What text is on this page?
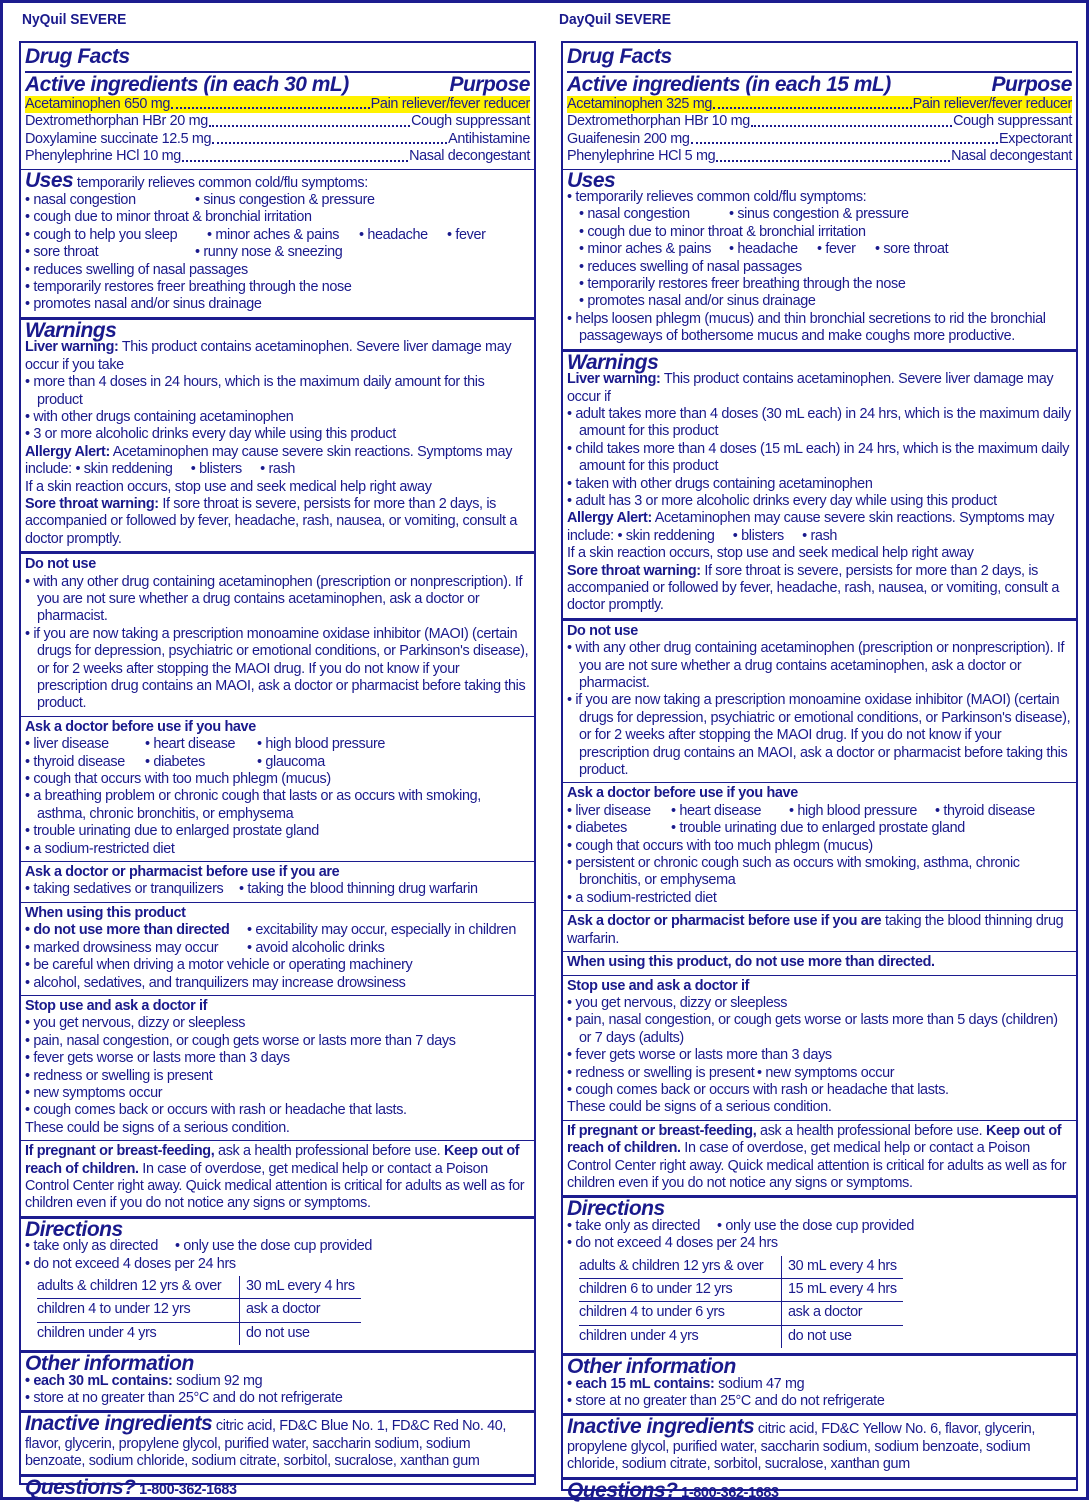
NyQuil SEVERE
Drug Facts
Active ingredients (in each 30 mL)	Purpose
Acetaminophen 650 mg	Pain reliever/fever reducer
Dextromethorphan HBr 20 mg	Cough suppressant
Doxylamine succinate 12.5 mg	Antihistamine
Phenylephrine HCl 10 mg	Nasal decongestant
Uses temporarily relieves common cold/flu symptoms:
• nasal congestion	• sinus congestion & pressure
• cough due to minor throat & bronchial irritation
• cough to help you sleep • minor aches & pains • headache • fever
• sore throat	• runny nose & sneezing
• reduces swelling of nasal passages
• temporarily restores freer breathing through the nose
• promotes nasal and/or sinus drainage
Warnings
Liver warning: This product contains acetaminophen. Severe liver damage may occur if you take
• more than 4 doses in 24 hours, which is the maximum daily amount for this product
• with other drugs containing acetaminophen
• 3 or more alcoholic drinks every day while using this product
Allergy Alert: Acetaminophen may cause severe skin reactions. Symptoms may include: • skin reddening • blisters • rash
If a skin reaction occurs, stop use and seek medical help right away
Sore throat warning: If sore throat is severe, persists for more than 2 days, is accompanied or followed by fever, headache, rash, nausea, or vomiting, consult a doctor promptly.
Do not use
• with any other drug containing acetaminophen (prescription or nonprescription). If you are not sure whether a drug contains acetaminophen, ask a doctor or pharmacist.
• if you are now taking a prescription monoamine oxidase inhibitor (MAOI) (certain drugs for depression, psychiatric or emotional conditions, or Parkinson's disease), or for 2 weeks after stopping the MAOI drug. If you do not know if your prescription drug contains an MAOI, ask a doctor or pharmacist before taking this product.
Ask a doctor before use if you have
• liver disease	• heart disease • high blood pressure
• thyroid disease • diabetes	• glaucoma
• cough that occurs with too much phlegm (mucus)
• a breathing problem or chronic cough that lasts or as occurs with smoking, asthma, chronic bronchitis, or emphysema
• trouble urinating due to enlarged prostate gland
• a sodium-restricted diet
Ask a doctor or pharmacist before use if you are
• taking sedatives or tranquilizers • taking the blood thinning drug warfarin
When using this product
• do not use more than directed • excitability may occur, especially in children
• marked drowsiness may occur • avoid alcoholic drinks
• be careful when driving a motor vehicle or operating machinery
• alcohol, sedatives, and tranquilizers may increase drowsiness
Stop use and ask a doctor if
• you get nervous, dizzy or sleepless
• pain, nasal congestion, or cough gets worse or lasts more than 7 days
• fever gets worse or lasts more than 3 days
• redness or swelling is present
• new symptoms occur
• cough comes back or occurs with rash or headache that lasts.
These could be signs of a serious condition.
If pregnant or breast-feeding, ask a health professional before use. Keep out of reach of children. In case of overdose, get medical help or contact a Poison Control Center right away. Quick medical attention is critical for adults as well as for children even if you do not notice any signs or symptoms.
Directions
• take only as directed • only use the dose cup provided
• do not exceed 4 doses per 24 hrs
adults & children 12 yrs & over	30 mL every 4 hrs
children 4 to under 12 yrs	ask a doctor
children under 4 yrs	do not use
Other information
• each 30 mL contains: sodium 92 mg
• store at no greater than 25°C and do not refrigerate
Inactive ingredients citric acid, FD&C Blue No. 1, FD&C Red No. 40, flavor, glycerin, propylene glycol, purified water, saccharin sodium, sodium benzoate, sodium chloride, sodium citrate, sorbitol, sucralose, xanthan gum
Questions? 1-800-362-1683
DayQuil SEVERE
Drug Facts
Active ingredients (in each 15 mL)	Purpose
Acetaminophen 325 mg	Pain reliever/fever reducer
Dextromethorphan HBr 10 mg	Cough suppressant
Guaifenesin 200 mg	Expectorant
Phenylephrine HCl 5 mg	Nasal decongestant
Uses
• temporarily relieves common cold/flu symptoms:
• nasal congestion	• sinus congestion & pressure
• cough due to minor throat & bronchial irritation
• minor aches & pains • headache • fever • sore throat
• reduces swelling of nasal passages
• temporarily restores freer breathing through the nose
• promotes nasal and/or sinus drainage
• helps loosen phlegm (mucus) and thin bronchial secretions to rid the bronchial passageways of bothersome mucus and make coughs more productive.
Warnings
Liver warning: This product contains acetaminophen. Severe liver damage may occur if
• adult takes more than 4 doses (30 mL each) in 24 hrs, which is the maximum daily amount for this product
• child takes more than 4 doses (15 mL each) in 24 hrs, which is the maximum daily amount for this product
• taken with other drugs containing acetaminophen
• adult has 3 or more alcoholic drinks every day while using this product
Allergy Alert: Acetaminophen may cause severe skin reactions. Symptoms may include: • skin reddening • blisters • rash
If a skin reaction occurs, stop use and seek medical help right away
Sore throat warning: If sore throat is severe, persists for more than 2 days, is accompanied or followed by fever, headache, rash, nausea, or vomiting, consult a doctor promptly.
Do not use
• with any other drug containing acetaminophen (prescription or nonprescription). If you are not sure whether a drug contains acetaminophen, ask a doctor or pharmacist.
• if you are now taking a prescription monoamine oxidase inhibitor (MAOI) (certain drugs for depression, psychiatric or emotional conditions, or Parkinson's disease), or for 2 weeks after stopping the MAOI drug. If you do not know if your prescription drug contains an MAOI, ask a doctor or pharmacist before taking this product.
Ask a doctor before use if you have
• liver disease • heart disease • high blood pressure • thyroid disease
• diabetes	• trouble urinating due to enlarged prostate gland
• cough that occurs with too much phlegm (mucus)
• persistent or chronic cough such as occurs with smoking, asthma, chronic bronchitis, or emphysema
• a sodium-restricted diet
Ask a doctor or pharmacist before use if you are taking the blood thinning drug warfarin.
When using this product, do not use more than directed.
Stop use and ask a doctor if
• you get nervous, dizzy or sleepless
• pain, nasal congestion, or cough gets worse or lasts more than 5 days (children) or 7 days (adults)
• fever gets worse or lasts more than 3 days
• redness or swelling is present • new symptoms occur
• cough comes back or occurs with rash or headache that lasts.
These could be signs of a serious condition.
If pregnant or breast-feeding, ask a health professional before use. Keep out of reach of children. In case of overdose, get medical help or contact a Poison Control Center right away. Quick medical attention is critical for adults as well as for children even if you do not notice any signs or symptoms.
Directions
• take only as directed • only use the dose cup provided
• do not exceed 4 doses per 24 hrs
adults & children 12 yrs & over	30 mL every 4 hrs
children 6 to under 12 yrs	15 mL every 4 hrs
children 4 to under 6 yrs	ask a doctor
children under 4 yrs	do not use
Other information
• each 15 mL contains: sodium 47 mg
• store at no greater than 25°C and do not refrigerate
Inactive ingredients citric acid, FD&C Yellow No. 6, flavor, glycerin, propylene glycol, purified water, saccharin sodium, sodium benzoate, sodium chloride, sodium citrate, sorbitol, sucralose, xanthan gum
Questions? 1-800-362-1683
